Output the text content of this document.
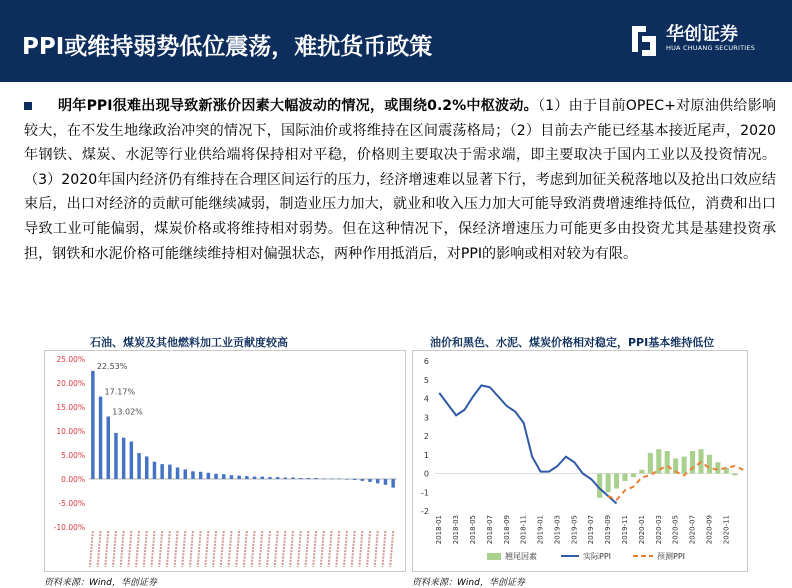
PPI或维持弱势低位震荡，难扰货币政策	华创证券
HUA CHUANG SECURITIES

明年PPI很难出现导致新涨价因素大幅波动的情况，或围绕0.2%中枢波动。（1）由于目前OPEC+对原油供给影响较大，在不发生地缘政治冲突的情况下，国际油价或将维持在区间震荡格局；（2）目前去产能已经基本接近尾声，2020年钢铁、煤炭、水泥等行业供给端将保持相对平稳，价格则主要取决于需求端，即主要取决于国内工业以及投资情况。（3）2020年国内经济仍有维持在合理区间运行的压力，经济增速难以显著下行，考虑到加征关税落地以及抢出口效应结束后，出口对经济的贡献可能继续减弱，制造业压力加大，就业和收入压力加大可能导致消费增速维持低位，消费和出口导致工业可能偏弱，煤炭价格或将维持相对弱势。但在这种情况下，保经济增速压力可能更多由投资尤其是基建投资承担，钢铁和水泥价格可能继续维持相对偏强状态，两种作用抵消后，对PPI的影响或相对较为有限。

石油、煤炭及其他燃料加工业贡献度较高	油价和黑色、水泥、煤炭价格相对稳定，PPI基本维持低位
25.00%
20.00%
15.00%
10.00%
5.00%
0.00%
-5.00%
-10.00%
22.53%
17.17%
13.02%
6
5
4
3
2
1
0
-1
-2
2018-01 2018-03 2018-05 2018-07 2018-09 2018-11 2019-01 2019-03 2019-05 2019-07 2019-09 2019-11 2020-01 2020-03 2020-05 2020-07 2020-09 2020-11
翘尾因素	实际PPI	预测PPI
资料来源：Wind，华创证券	资料来源：Wind，华创证券
